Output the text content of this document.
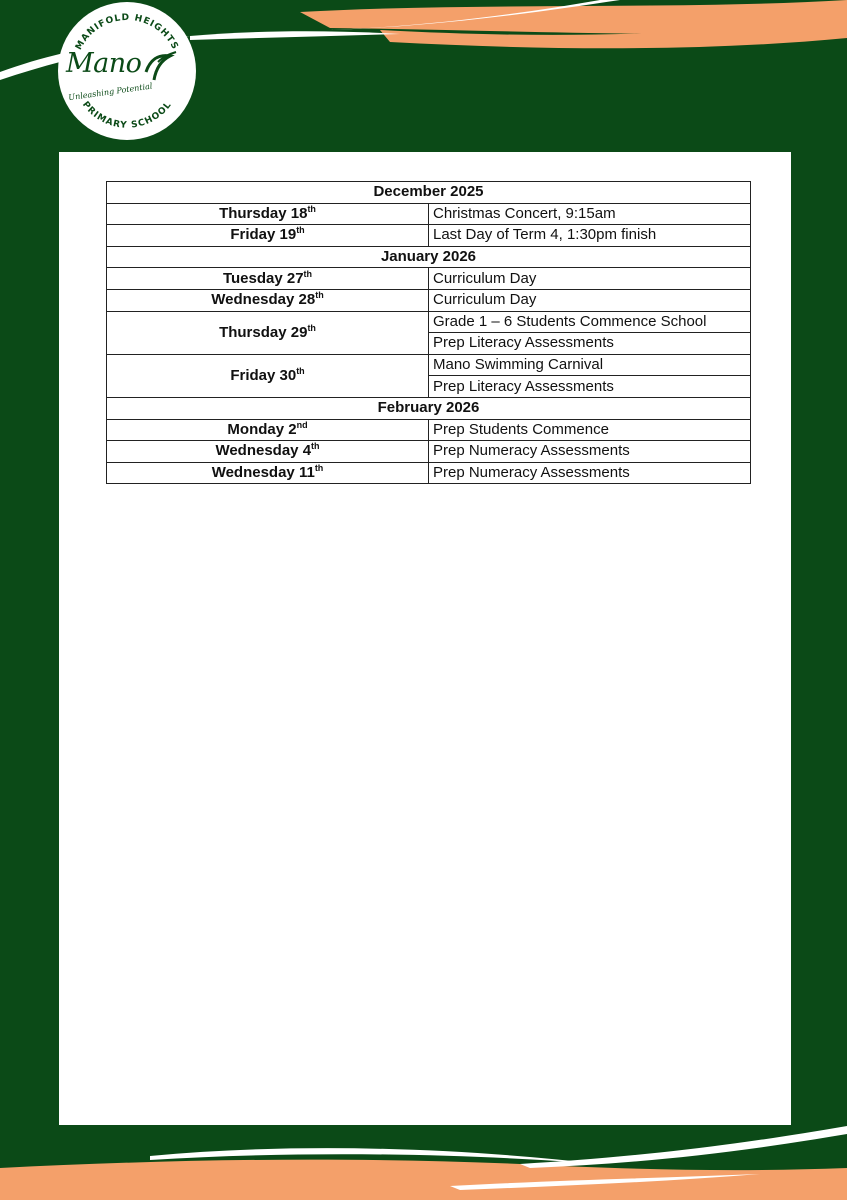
MANIFOLD HEIGHTS
PRIMARY SCHOOL
Mano
Unleashing Potential
December 2025	
Thursday 18th	Christmas Concert, 9:15am
Friday 19th	Last Day of Term 4, 1:30pm finish
January 2026	
Tuesday 27th	Curriculum Day
Wednesday 28th	Curriculum Day
Thursday 29th	Grade 1 – 6 Students Commence School
	Prep Literacy Assessments
Friday 30th	Mano Swimming Carnival
	Prep Literacy Assessments
February 2026	
Monday 2nd	Prep Students Commence
Wednesday 4th	Prep Numeracy Assessments
Wednesday 11th	Prep Numeracy Assessments
